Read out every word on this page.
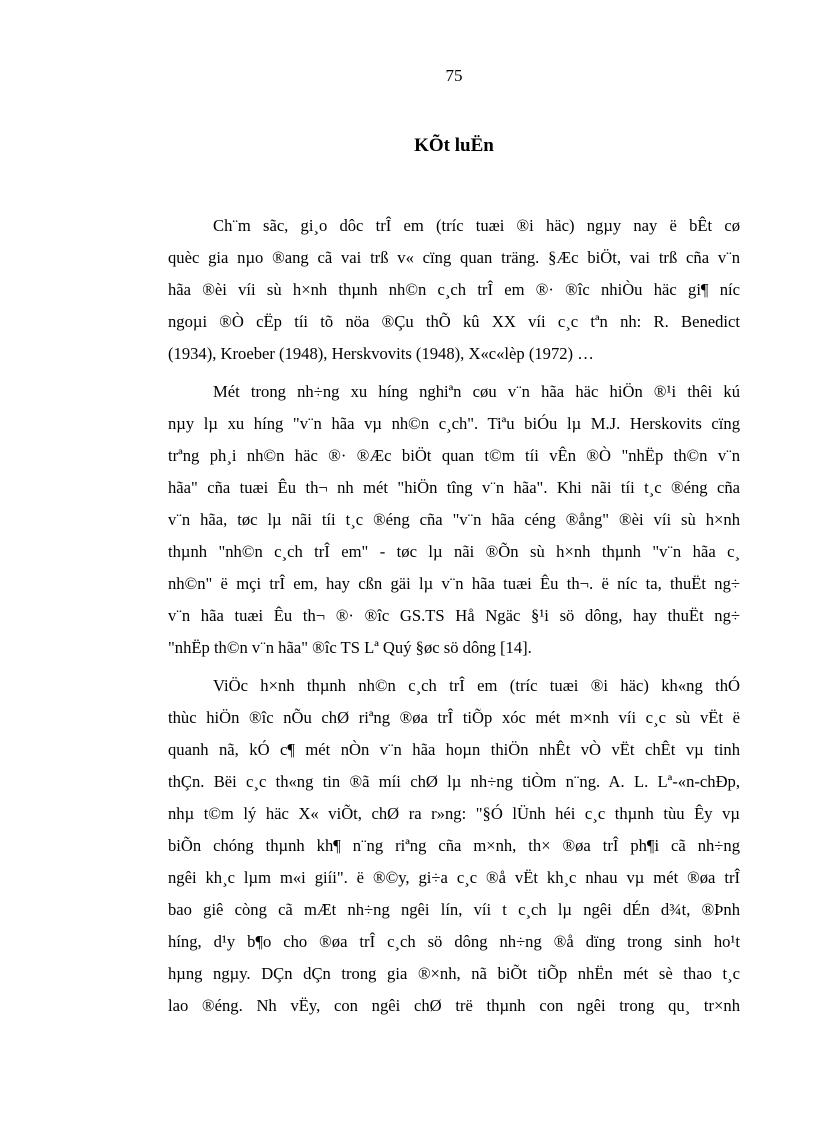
75
KÕt luËn
Ch¨m sãc, gi¸o dôc trÎ em (tríc tuæi ®i häc) ngµy nay ë bÊt cø
quèc gia nµo ®ang cã vai trß v« cïng quan träng. §Æc biÖt, vai trß cña v¨n
hãa ®èi víi sù h×nh thµnh nh©n c¸ch trÎ em ®· ®îc nhiÒu häc gi¶ níc
ngoµi ®Ò cËp tíi tõ nöa ®Çu thÕ kû XX víi c¸c tªn nh: R. Benedict
(1934), Kroeber (1948), Herskvovits (1948), X«c«lèp (1972) …
Mét trong nh÷ng xu híng nghiªn cøu v¨n hãa häc hiÖn ®¹i thêi kú
nµy lµ xu híng "v¨n hãa vµ nh©n c¸ch". Tiªu biÓu lµ M.J. Herskovits cïng
trªng ph¸i nh©n häc ®· ®Æc biÖt quan t©m tíi vÊn ®Ò "nhËp th©n v¨n
hãa" cña tuæi Êu th¬ nh mét "hiÖn tîng v¨n hãa". Khi nãi tíi t¸c ®éng cña
v¨n hãa, tøc lµ nãi tíi t¸c ®éng cña "v¨n hãa céng ®ång" ®èi víi sù h×nh
thµnh "nh©n c¸ch trÎ em" - tøc lµ nãi ®Õn sù h×nh thµnh "v¨n hãa c¸
nh©n" ë mçi trÎ em, hay cßn gäi lµ v¨n hãa tuæi Êu th¬. ë níc ta, thuËt ng÷
v¨n hãa tuæi Êu th¬ ®· ®îc GS.TS Hå Ngäc §¹i sö dông, hay thuËt ng÷
"nhËp th©n v¨n hãa" ®îc TS Lª Quý §øc sö dông [14].
ViÖc h×nh thµnh nh©n c¸ch trÎ em (tríc tuæi ®i häc) kh«ng thÓ
thùc hiÖn ®îc nÕu chØ riªng ®øa trÎ tiÕp xóc mét m×nh víi c¸c sù vËt ë
quanh nã, kÓ c¶ mét nÒn v¨n hãa hoµn thiÖn nhÊt vÒ vËt chÊt vµ tinh
thÇn. Bëi c¸c th«ng tin ®ã míi chØ lµ nh÷ng tiÒm n¨ng. A. L. Lª-«n-chÐp,
nhµ t©m lý häc X« viÕt, chØ ra r»ng: "§Ó lÜnh héi c¸c thµnh tùu Êy vµ
biÕn chóng thµnh kh¶ n¨ng riªng cña m×nh, th× ®øa trÎ ph¶i cã nh÷ng
ngêi kh¸c lµm m«i giíi". ë ®©y, gi÷a c¸c ®å vËt kh¸c nhau vµ mét ®øa trÎ
bao giê còng cã mÆt nh÷ng ngêi lín, víi t c¸ch lµ ngêi dÉn d¾t, ®Þnh
híng, d¹y b¶o cho ®øa trÎ c¸ch sö dông nh÷ng ®å dïng trong sinh ho¹t
hµng ngµy. DÇn dÇn trong gia ®×nh, nã biÕt tiÕp nhËn mét sè thao t¸c
lao ®éng. Nh vËy, con ngêi chØ trë thµnh con ngêi trong qu¸ tr×nh
